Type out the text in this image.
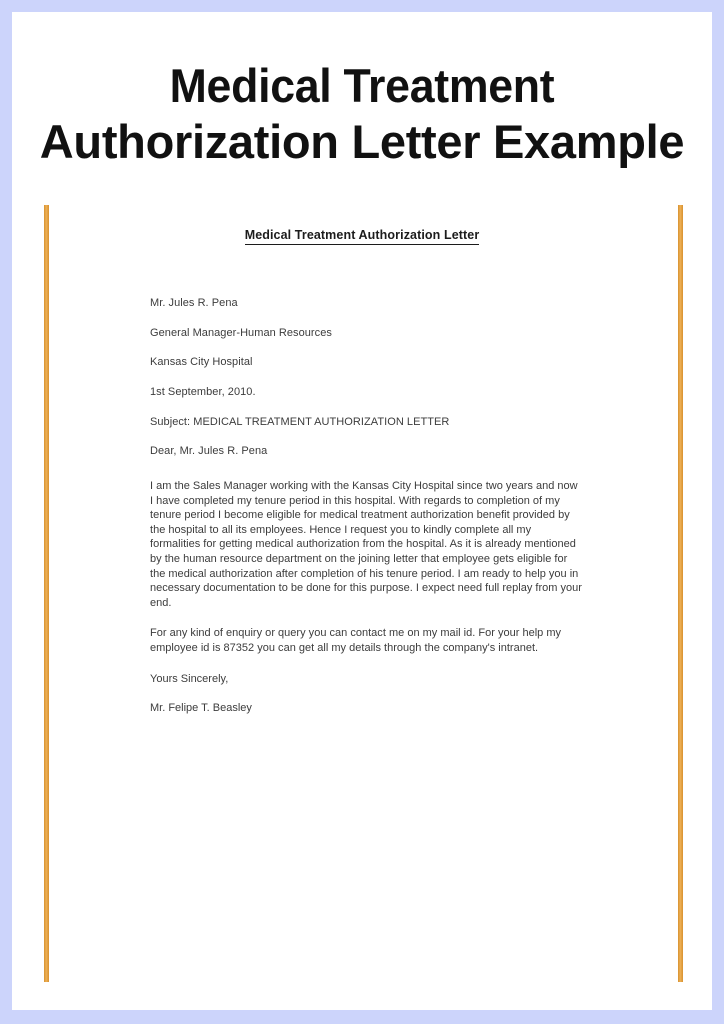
Medical Treatment
Authorization Letter Example
Medical Treatment Authorization Letter

Mr. Jules R. Pena

General Manager-Human Resources

Kansas City Hospital

1st September, 2010.

Subject: MEDICAL TREATMENT AUTHORIZATION LETTER

Dear, Mr. Jules R. Pena

I am the Sales Manager working with the Kansas City Hospital since two years and now I have completed my tenure period in this hospital. With regards to completion of my tenure period I become eligible for medical treatment authorization benefit provided by the hospital to all its employees. Hence I request you to kindly complete all my formalities for getting medical authorization from the hospital. As it is already mentioned by the human resource department on the joining letter that employee gets eligible for the medical authorization after completion of his tenure period. I am ready to help you in necessary documentation to be done for this purpose. I expect need full replay from your end.

For any kind of enquiry or query you can contact me on my mail id. For your help my employee id is 87352 you can get all my details through the company's intranet.

Yours Sincerely,

Mr. Felipe T. Beasley
